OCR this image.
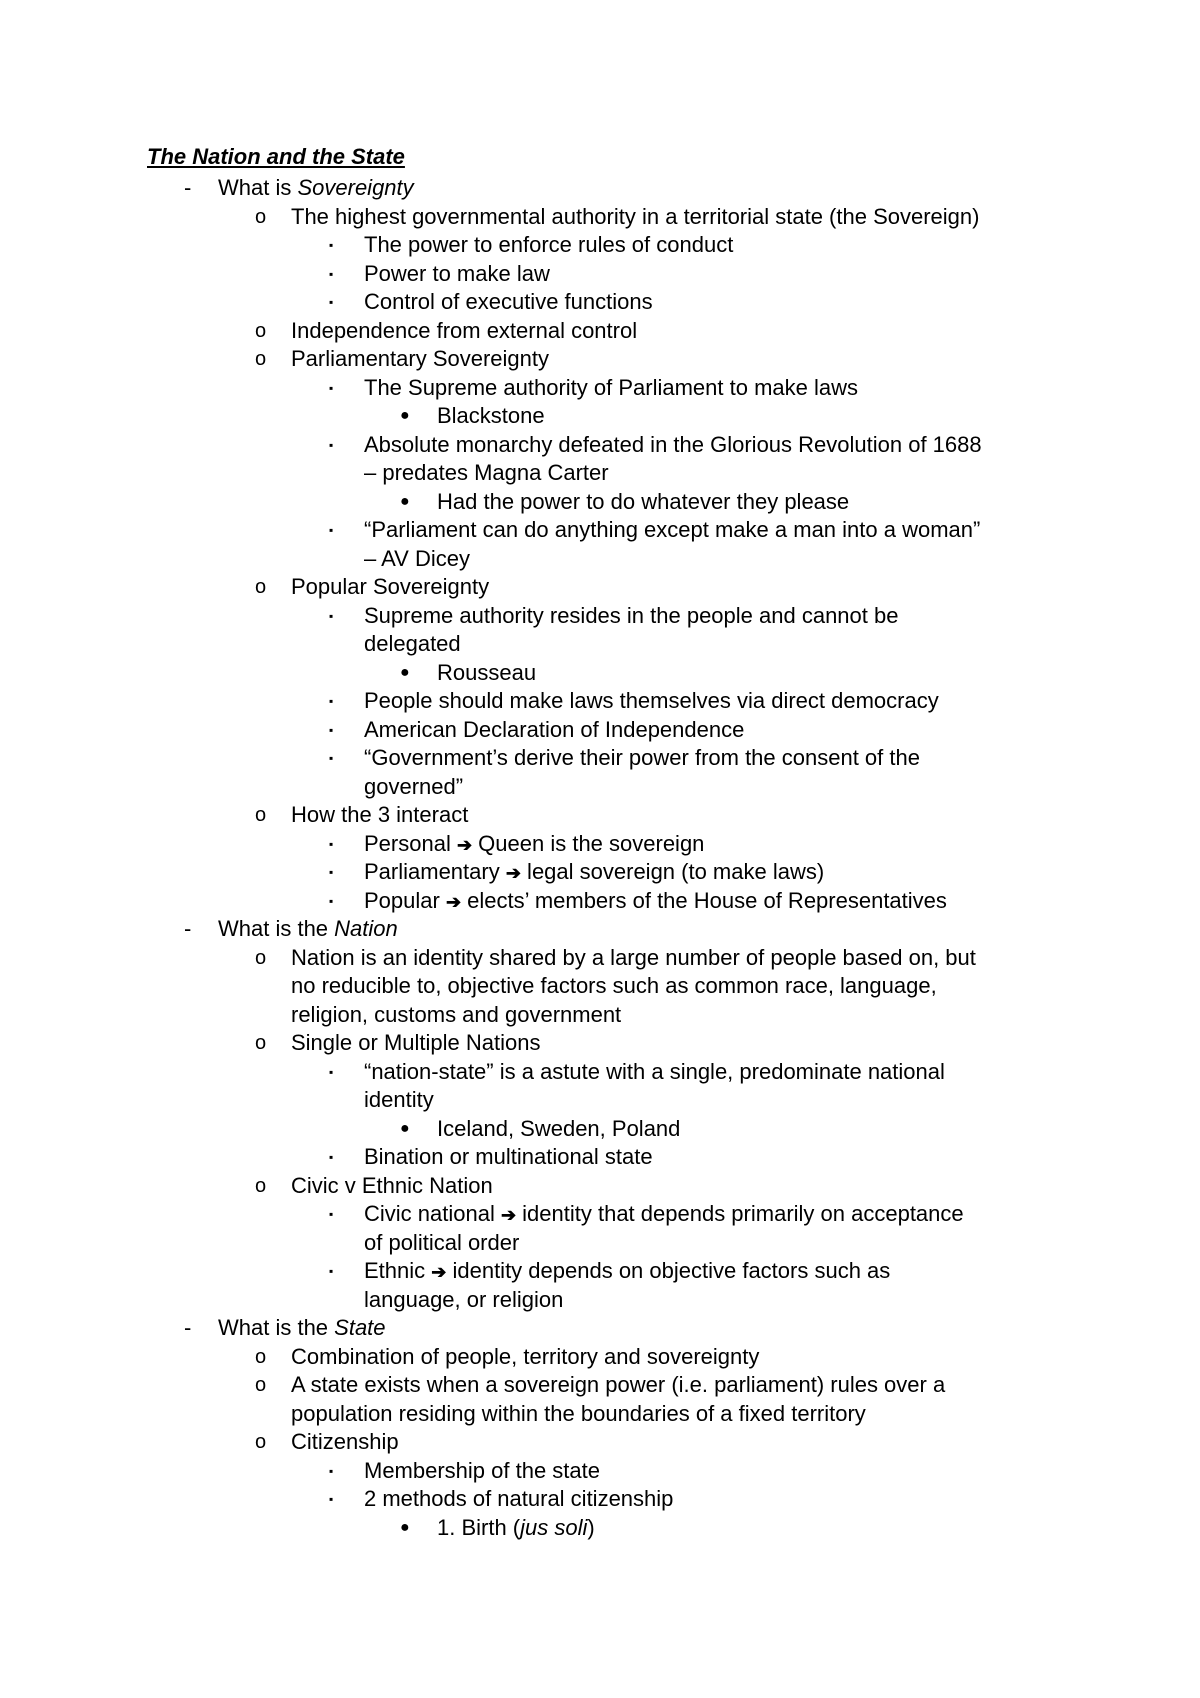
The Nation and the State
- What is Sovereignty
o The highest governmental authority in a territorial state (the Sovereign)
▪ The power to enforce rules of conduct
▪ Power to make law
▪ Control of executive functions
o Independence from external control
o Parliamentary Sovereignty
▪ The Supreme authority of Parliament to make laws
● Blackstone
▪ Absolute monarchy defeated in the Glorious Revolution of 1688
– predates Magna Carter
● Had the power to do whatever they please
▪ “Parliament can do anything except make a man into a woman”
– AV Dicey
o Popular Sovereignty
▪ Supreme authority resides in the people and cannot be
delegated
● Rousseau
▪ People should make laws themselves via direct democracy
▪ American Declaration of Independence
▪ “Government’s derive their power from the consent of the
governed”
o How the 3 interact
▪ Personal ➔ Queen is the sovereign
▪ Parliamentary ➔ legal sovereign (to make laws)
▪ Popular ➔ elects’ members of the House of Representatives
- What is the Nation
o Nation is an identity shared by a large number of people based on, but
no reducible to, objective factors such as common race, language,
religion, customs and government
o Single or Multiple Nations
▪ “nation-state” is a astute with a single, predominate national
identity
● Iceland, Sweden, Poland
▪ Bination or multinational state
o Civic v Ethnic Nation
▪ Civic national ➔ identity that depends primarily on acceptance
of political order
▪ Ethnic ➔ identity depends on objective factors such as
language, or religion
- What is the State
o Combination of people, territory and sovereignty
o A state exists when a sovereign power (i.e. parliament) rules over a
population residing within the boundaries of a fixed territory
o Citizenship
▪ Membership of the state
▪ 2 methods of natural citizenship
● 1. Birth (jus soli)
